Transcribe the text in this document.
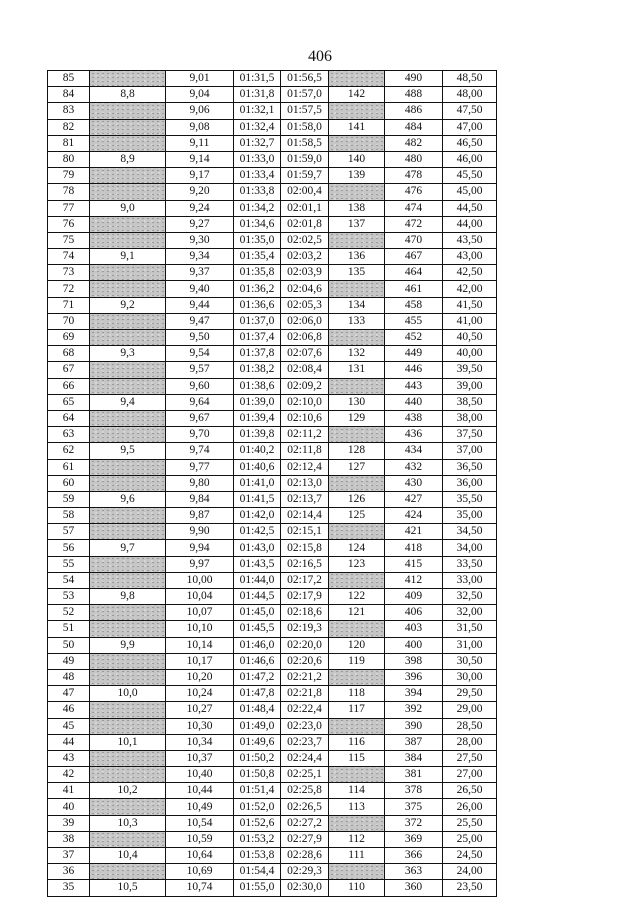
406
85		9,01	01:31,5	01:56,5		490	48,50
84	8,8	9,04	01:31,8	01:57,0	142	488	48,00
83		9,06	01:32,1	01:57,5		486	47,50
82		9,08	01:32,4	01:58,0	141	484	47,00
81		9,11	01:32,7	01:58,5		482	46,50
80	8,9	9,14	01:33,0	01:59,0	140	480	46,00
79		9,17	01:33,4	01:59,7	139	478	45,50
78		9,20	01:33,8	02:00,4		476	45,00
77	9,0	9,24	01:34,2	02:01,1	138	474	44,50
76		9,27	01:34,6	02:01,8	137	472	44,00
75		9,30	01:35,0	02:02,5		470	43,50
74	9,1	9,34	01:35,4	02:03,2	136	467	43,00
73		9,37	01:35,8	02:03,9	135	464	42,50
72		9,40	01:36,2	02:04,6		461	42,00
71	9,2	9,44	01:36,6	02:05,3	134	458	41,50
70		9,47	01:37,0	02:06,0	133	455	41,00
69		9,50	01:37,4	02:06,8		452	40,50
68	9,3	9,54	01:37,8	02:07,6	132	449	40,00
67		9,57	01:38,2	02:08,4	131	446	39,50
66		9,60	01:38,6	02:09,2		443	39,00
65	9,4	9,64	01:39,0	02:10,0	130	440	38,50
64		9,67	01:39,4	02:10,6	129	438	38,00
63		9,70	01:39,8	02:11,2		436	37,50
62	9,5	9,74	01:40,2	02:11,8	128	434	37,00
61		9,77	01:40,6	02:12,4	127	432	36,50
60		9,80	01:41,0	02:13,0		430	36,00
59	9,6	9,84	01:41,5	02:13,7	126	427	35,50
58		9,87	01:42,0	02:14,4	125	424	35,00
57		9,90	01:42,5	02:15,1		421	34,50
56	9,7	9,94	01:43,0	02:15,8	124	418	34,00
55		9,97	01:43,5	02:16,5	123	415	33,50
54		10,00	01:44,0	02:17,2		412	33,00
53	9,8	10,04	01:44,5	02:17,9	122	409	32,50
52		10,07	01:45,0	02:18,6	121	406	32,00
51		10,10	01:45,5	02:19,3		403	31,50
50	9,9	10,14	01:46,0	02:20,0	120	400	31,00
49		10,17	01:46,6	02:20,6	119	398	30,50
48		10,20	01:47,2	02:21,2		396	30,00
47	10,0	10,24	01:47,8	02:21,8	118	394	29,50
46		10,27	01:48,4	02:22,4	117	392	29,00
45		10,30	01:49,0	02:23,0		390	28,50
44	10,1	10,34	01:49,6	02:23,7	116	387	28,00
43		10,37	01:50,2	02:24,4	115	384	27,50
42		10,40	01:50,8	02:25,1		381	27,00
41	10,2	10,44	01:51,4	02:25,8	114	378	26,50
40		10,49	01:52,0	02:26,5	113	375	26,00
39	10,3	10,54	01:52,6	02:27,2		372	25,50
38		10,59	01:53,2	02:27,9	112	369	25,00
37	10,4	10,64	01:53,8	02:28,6	111	366	24,50
36		10,69	01:54,4	02:29,3		363	24,00
35	10,5	10,74	01:55,0	02:30,0	110	360	23,50
